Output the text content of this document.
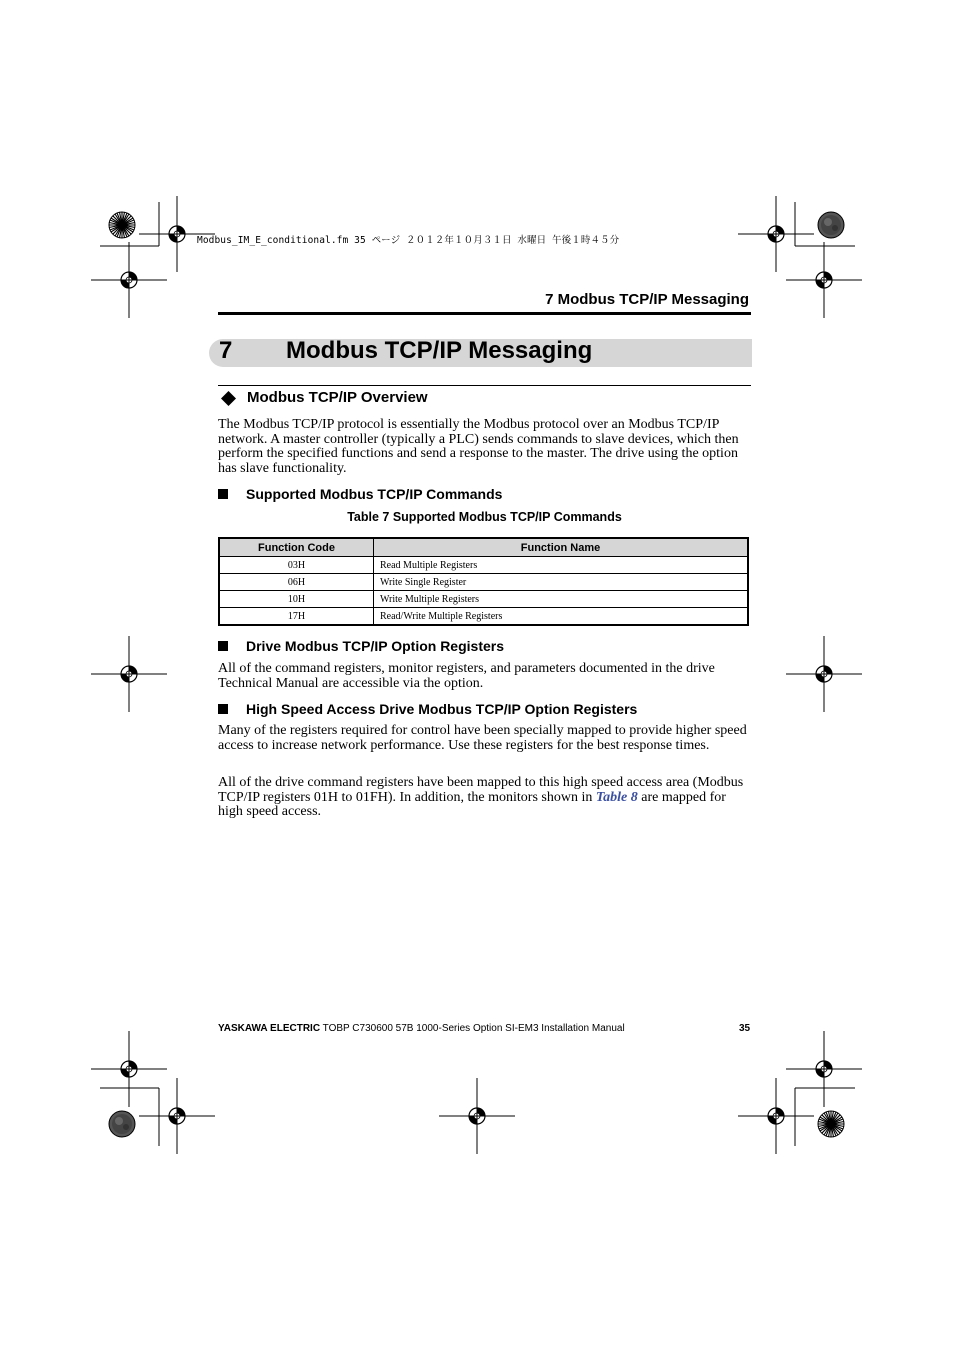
Modbus_IM_E_conditional.fm 35 ページ ２０１２年１０月３１日 水曜日 午後１時４５分
7 Modbus TCP/IP Messaging
7 Modbus TCP/IP Messaging
Modbus TCP/IP Overview
The Modbus TCP/IP protocol is essentially the Modbus protocol over an Modbus TCP/IP network. A master controller (typically a PLC) sends commands to slave devices, which then perform the specified functions and send a response to the master. The drive using the option has slave functionality.
Supported Modbus TCP/IP Commands
Table 7 Supported Modbus TCP/IP Commands
Function Code	Function Name
03H	Read Multiple Registers
06H	Write Single Register
10H	Write Multiple Registers
17H	Read/Write Multiple Registers
Drive Modbus TCP/IP Option Registers
All of the command registers, monitor registers, and parameters documented in the drive Technical Manual are accessible via the option.
High Speed Access Drive Modbus TCP/IP Option Registers
Many of the registers required for control have been specially mapped to provide higher speed access to increase network performance. Use these registers for the best response times.
All of the drive command registers have been mapped to this high speed access area (Modbus TCP/IP registers 01H to 01FH). In addition, the monitors shown in Table 8 are mapped for high speed access.
YASKAWA ELECTRIC TOBP C730600 57B 1000-Series Option SI-EM3 Installation Manual	35
